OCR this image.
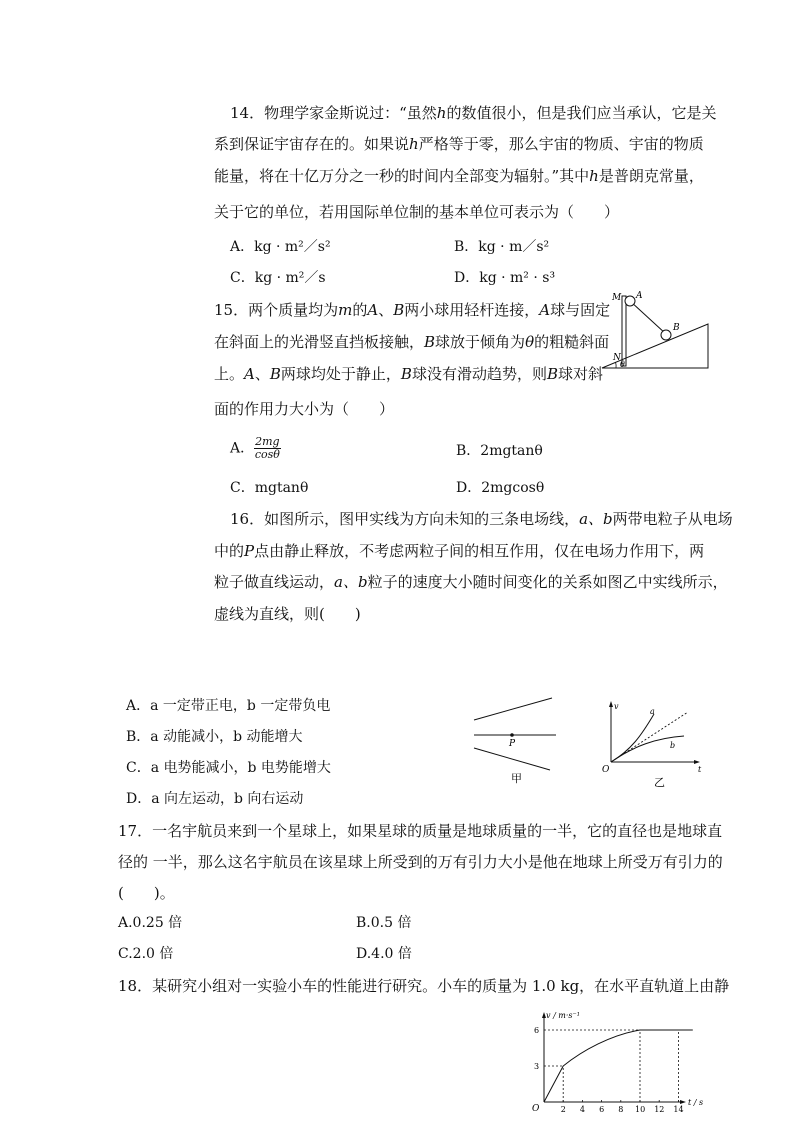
14．物理学家金斯说过：“虽然h的数值很小，但是我们应当承认，它是关
系到保证宇宙存在的。如果说h严格等于零，那么宇宙的物质、宇宙的物质
能量，将在十亿万分之一秒的时间内全部变为辐射。”其中h是普朗克常量，
关于它的单位，若用国际单位制的基本单位可表示为（　　）
A．kg · m²／s²	B．kg · m／s²
C．kg · m²／s	D．kg · m² · s³
15．两个质量均为m的A、B两小球用轻杆连接，A球与固定
在斜面上的光滑竖直挡板接触，B球放于倾角为θ的粗糙斜面
上。A、B两球均处于静止，B球没有滑动趋势，则B球对斜
面的作用力大小为（　　）
A． $\frac{2mg}{\cos\theta}$	B．2mgtanθ
C．mgtanθ	D．2mgcosθ
M A
B
N
θ
16．如图所示，图甲实线为方向未知的三条电场线，a、b两带电粒子从电场
中的P点由静止释放，不考虑两粒子间的相互作用，仅在电场力作用下，两
粒子做直线运动，a、b粒子的速度大小随时间变化的关系如图乙中实线所示，
虚线为直线，则(　　)
A．a 一定带正电，b 一定带负电
B．a 动能减小，b 动能增大
C．a 电势能减小，b 电势能增大
D．a 向左运动，b 向右运动
P
甲
v
O	t
a
b
乙
17．一名宇航员来到一个星球上，如果星球的质量是地球质量的一半，它的直径也是地球直
径的 一半，那么这名宇航员在该星球上所受到的万有引力大小是他在地球上所受万有引力的
(　　)。
A.0.25 倍	B.0.5 倍
C.2.0 倍	D.4.0 倍
18．某研究小组对一实验小车的性能进行研究。小车的质量为 1.0 kg，在水平直轨道上由静
v / m·s⁻¹
t / s
O
3
6
2 4 6 8 10 12 14
